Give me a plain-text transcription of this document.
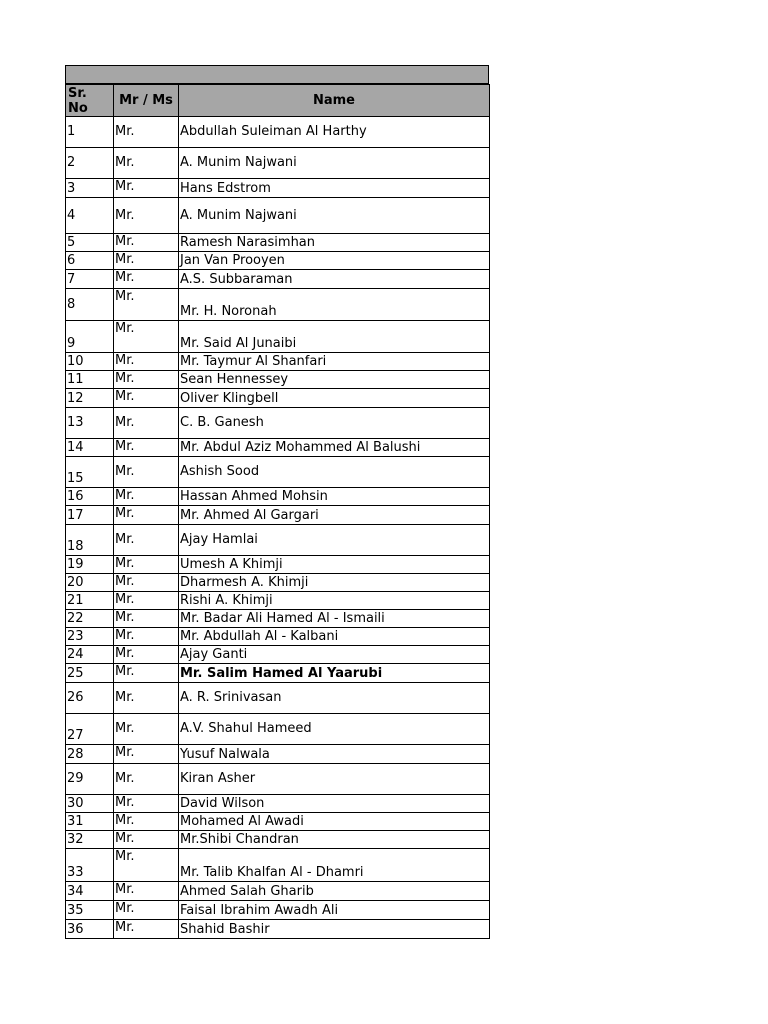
Sr. No	Mr / Ms	Name
1	Mr.	Abdullah Suleiman Al Harthy
2	Mr.	A. Munim Najwani
3	Mr.	Hans Edstrom
4	Mr.	A. Munim Najwani
5	Mr.	Ramesh Narasimhan
6	Mr.	Jan Van Prooyen
7	Mr.	A.S. Subbaraman
8	Mr.	Mr. H. Noronah
9	Mr.	Mr. Said Al Junaibi
10	Mr.	Mr. Taymur Al Shanfari
11	Mr.	Sean Hennessey
12	Mr.	Oliver Klingbell
13	Mr.	C. B. Ganesh
14	Mr.	Mr. Abdul Aziz Mohammed Al Balushi
15	Mr.	Ashish Sood
16	Mr.	Hassan Ahmed Mohsin
17	Mr.	Mr. Ahmed Al Gargari
18	Mr.	Ajay Hamlai
19	Mr.	Umesh A Khimji
20	Mr.	Dharmesh A. Khimji
21	Mr.	Rishi A. Khimji
22	Mr.	Mr. Badar Ali Hamed Al - Ismaili
23	Mr.	Mr. Abdullah Al - Kalbani
24	Mr.	Ajay Ganti
25	Mr.	Mr. Salim Hamed Al Yaarubi
26	Mr.	A. R. Srinivasan
27	Mr.	A.V. Shahul Hameed
28	Mr.	Yusuf Nalwala
29	Mr.	Kiran Asher
30	Mr.	David Wilson
31	Mr.	Mohamed Al Awadi
32	Mr.	Mr.Shibi Chandran
33	Mr.	Mr. Talib Khalfan Al - Dhamri
34	Mr.	Ahmed Salah Gharib
35	Mr.	Faisal Ibrahim Awadh Ali
36	Mr.	Shahid Bashir
